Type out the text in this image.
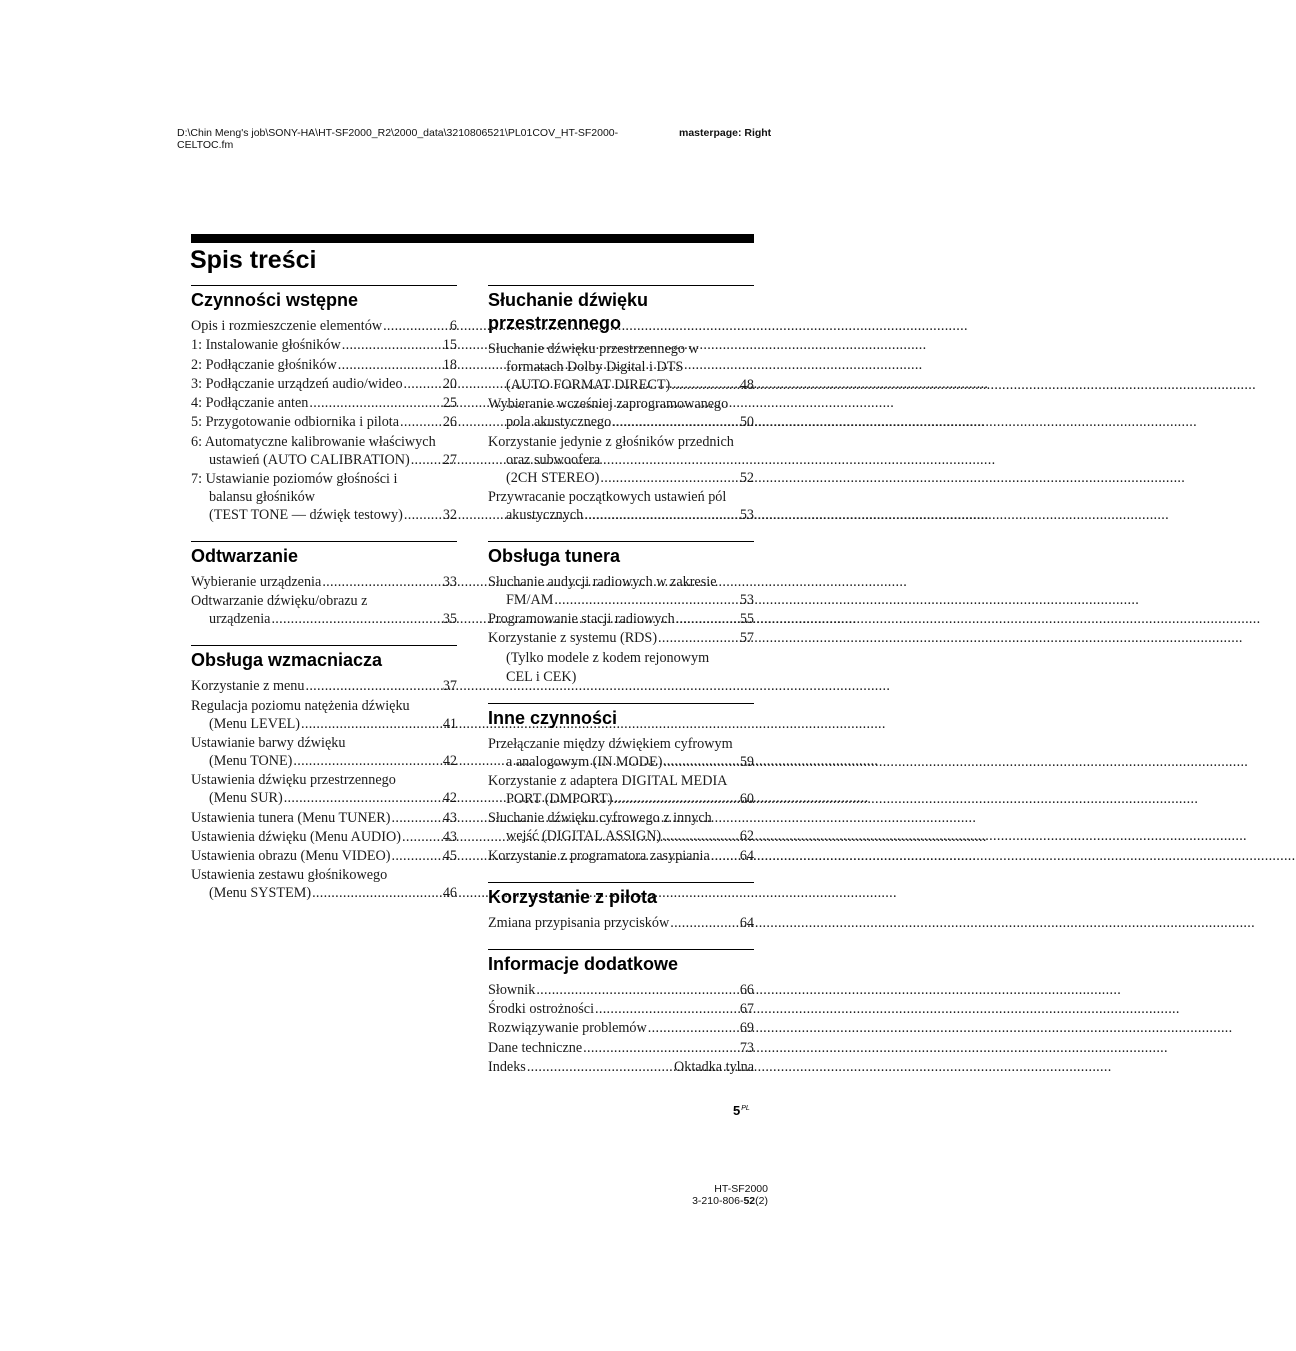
D:\Chin Meng's job\SONY-HA\HT-SF2000_R2\2000_data\3210806521\PL01COV_HT-SF2000-CELTOC.fm
masterpage: Right
Spis treści
Czynności wstępne
Opis i rozmieszczenie elementów .....	6
1: Instalowanie głośników .....	15
2: Podłączanie głośników .....	18
3: Podłączanie urządzeń audio/wideo .....	20
4: Podłączanie anten .....	25
5: Przygotowanie odbiornika i pilota .....	26
6: Automatyczne kalibrowanie właściwych
ustawień (AUTO CALIBRATION) ..... 27
7: Ustawianie poziomów głośności i
balansu głośników
(TEST TONE — dźwięk testowy) .....	32
Odtwarzanie
Wybieranie urządzenia .....	33
Odtwarzanie dźwięku/obrazu z
urządzenia .....	35
Obsługa wzmacniacza
Korzystanie z menu .....	37
Regulacja poziomu natężenia dźwięku
(Menu LEVEL) .....	41
Ustawianie barwy dźwięku
(Menu TONE) .....	42
Ustawienia dźwięku przestrzennego
(Menu SUR) .....	42
Ustawienia tunera (Menu TUNER) .....	43
Ustawienia dźwięku (Menu AUDIO) .....	43
Ustawienia obrazu (Menu VIDEO) .....	45
Ustawienia zestawu głośnikowego
(Menu SYSTEM) .....	46
Słuchanie dźwięku przestrzennego
Słuchanie dźwięku przestrzennego w
formatach Dolby Digital i DTS
(AUTO FORMAT DIRECT) .....	48
Wybieranie wcześniej zaprogramowanego
pola akustycznego .....	50
Korzystanie jedynie z głośników przednich
oraz subwoofera
(2CH STEREO) .....	52
Przywracanie początkowych ustawień pól
akustycznych .....	53
Obsługa tunera
Słuchanie audycji radiowych w zakresie
FM/AM .....	53
Programowanie stacji radiowych .....	55
Korzystanie z systemu (RDS) .....	57
(Tylko modele z kodem rejonowym
CEL i CEK)
Inne czynności
Przełączanie między dźwiękiem cyfrowym
a analogowym (IN MODE) .....	59
Korzystanie z adaptera DIGITAL MEDIA
PORT (DMPORT) .....	60
Słuchanie dźwięku cyfrowego z innych
wejść (DIGITAL ASSIGN) .....	62
Korzystanie z programatora zasypiania ..... 64
Korzystanie z pilota
Zmiana przypisania przycisków .....	64
Informacje dodatkowe
Słownik .....	66
Środki ostrożności .....	67
Rozwiązywanie problemów .....	69
Dane techniczne .....	73
Indeks .....	Oktadka tylna
$5^{PL}$
HT-SF2000
3-210-806-52(2)
